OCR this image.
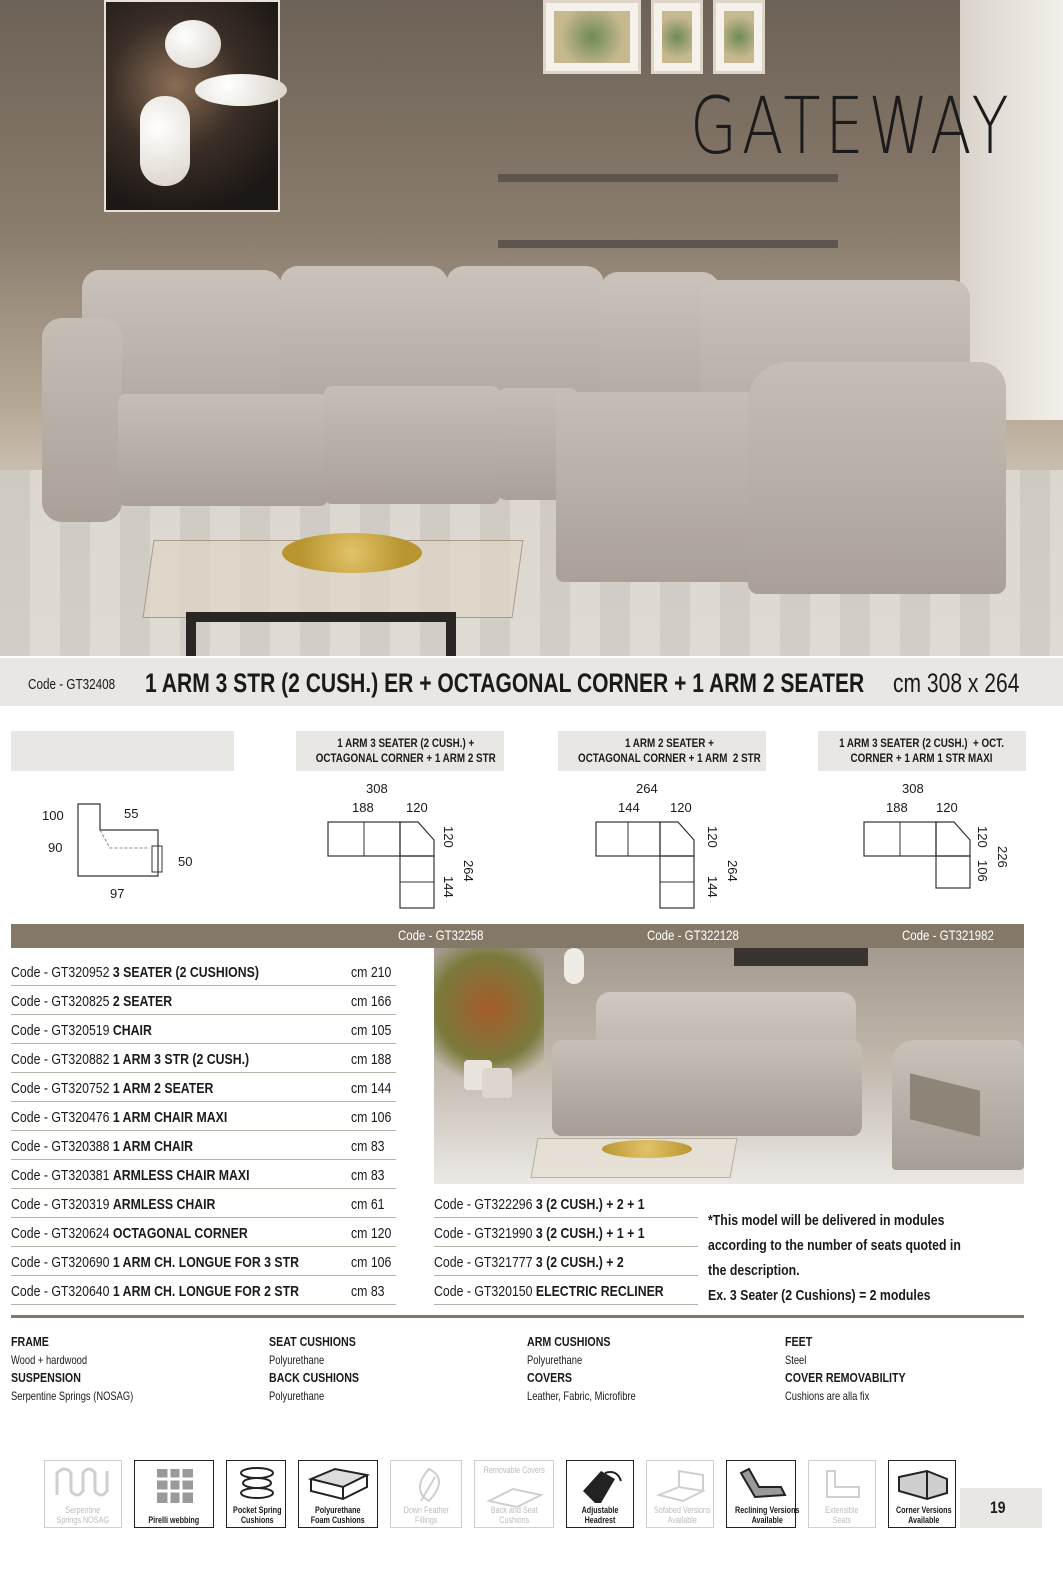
GATEWAY
Code - GT32408 1 ARM 3 STR (2 CUSH.) ER + OCTAGONAL CORNER + 1 ARM 2 SEATER cm 308 x 264
1 ARM 3 SEATER (2 CUSH.) +
OCTAGONAL CORNER + 1 ARM 2 STR
1 ARM 2 SEATER +
OCTAGONAL CORNER + 1 ARM  2 STR
1 ARM 3 SEATER (2 CUSH.)  + OCT.
CORNER + 1 ARM 1 STR MAXI
100
90
55
50
97
308
188 120
120
144
264
264
144 120
120
144
264
308
188 120
120
106
226
Code - GT32258	Code - GT322128	Code - GT321982
Code - GT320952 3 SEATER (2 CUSHIONS)	cm 210
Code - GT320825 2 SEATER	cm 166
Code - GT320519 CHAIR	cm 105
Code - GT320882 1 ARM 3 STR (2 CUSH.)	cm 188
Code - GT320752 1 ARM 2 SEATER	cm 144
Code - GT320476 1 ARM CHAIR MAXI	cm 106
Code - GT320388 1 ARM CHAIR	cm 83
Code - GT320381 ARMLESS CHAIR MAXI	cm 83
Code - GT320319 ARMLESS CHAIR	cm 61
Code - GT320624 OCTAGONAL CORNER	cm 120
Code - GT320690 1 ARM CH. LONGUE FOR 3 STR	cm 106
Code - GT320640 1 ARM CH. LONGUE FOR 2 STR	cm 83
Code - GT322296 3 (2 CUSH.) + 2 + 1
Code - GT321990 3 (2 CUSH.) + 1 + 1
Code - GT321777 3 (2 CUSH.) + 2
Code - GT320150 ELECTRIC RECLINER
*This model will be delivered in modules
according to the number of seats quoted in
the description.
Ex. 3 Seater (2 Cushions) = 2 modules
FRAME
Wood + hardwood
SUSPENSION
Serpentine Springs (NOSAG)
SEAT CUSHIONS
Polyurethane
BACK CUSHIONS
Polyurethane
ARM CUSHIONS
Polyurethane
COVERS
Leather, Fabric, Microfibre
FEET
Steel
COVER REMOVABILITY
Cushions are alla fix
Serpentine
Springs NOSAG	Pirelli webbing
Pocket Spring
Cushions
Polyurethane
Foam Cushions
Down Feather
Fillings
Removable Covers
Back and Seat
Cushions
Adjustable
Headrest
Sofabed Versions
Available
Reclining Versions
Available
Extensible
Seats
Corner Versions
Available
19
